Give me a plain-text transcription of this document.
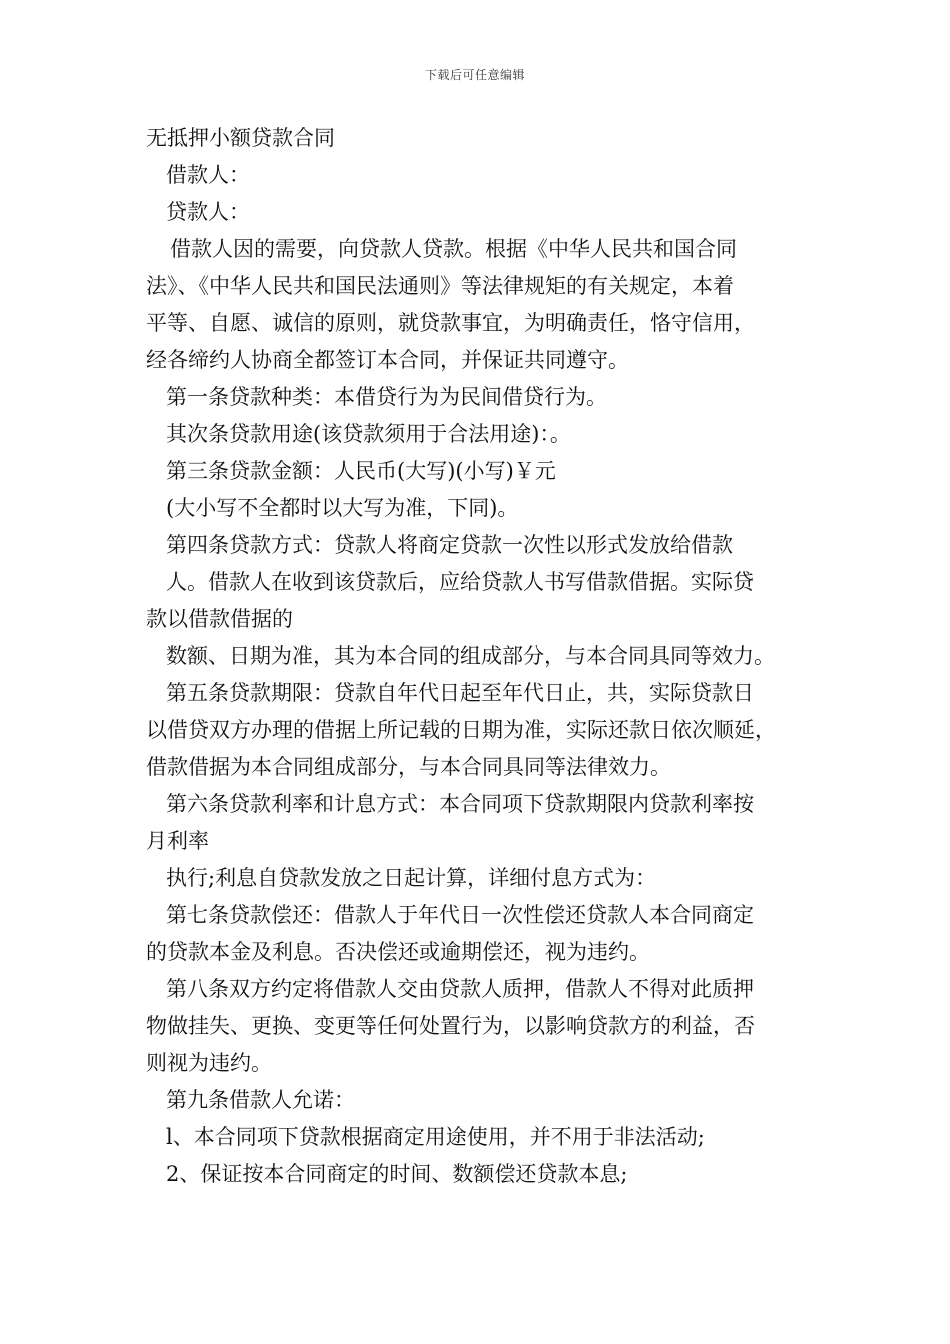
下载后可任意编辑
无抵押小额贷款合同
借款人：
贷款人：
借款人因的需要，向贷款人贷款。根据《中华人民共和国合同
法》、《中华人民共和国民法通则》等法律规矩的有关规定，本着
平等、自愿、诚信的原则，就贷款事宜，为明确责任，恪守信用，
经各缔约人协商全都签订本合同，并保证共同遵守。
第一条贷款种类：本借贷行为为民间借贷行为。
其次条贷款用途(该贷款须用于合法用途)：。
第三条贷款金额：人民币(大写)(小写)￥元
(大小写不全都时以大写为准，下同)。
第四条贷款方式：贷款人将商定贷款一次性以形式发放给借款
人。借款人在收到该贷款后，应给贷款人书写借款借据。实际贷
款以借款借据的
数额、日期为准，其为本合同的组成部分，与本合同具同等效力。
第五条贷款期限：贷款自年代日起至年代日止，共，实际贷款日
以借贷双方办理的借据上所记载的日期为准，实际还款日依次顺延，
借款借据为本合同组成部分，与本合同具同等法律效力。
第六条贷款利率和计息方式：本合同项下贷款期限内贷款利率按
月利率
执行;利息自贷款发放之日起计算，详细付息方式为：
第七条贷款偿还：借款人于年代日一次性偿还贷款人本合同商定
的贷款本金及利息。否决偿还或逾期偿还，视为违约。
第八条双方约定将借款人交由贷款人质押，借款人不得对此质押
物做挂失、更换、变更等任何处置行为，以影响贷款方的利益，否
则视为违约。
第九条借款人允诺：
l、本合同项下贷款根据商定用途使用，并不用于非法活动;
2、保证按本合同商定的时间、数额偿还贷款本息;
